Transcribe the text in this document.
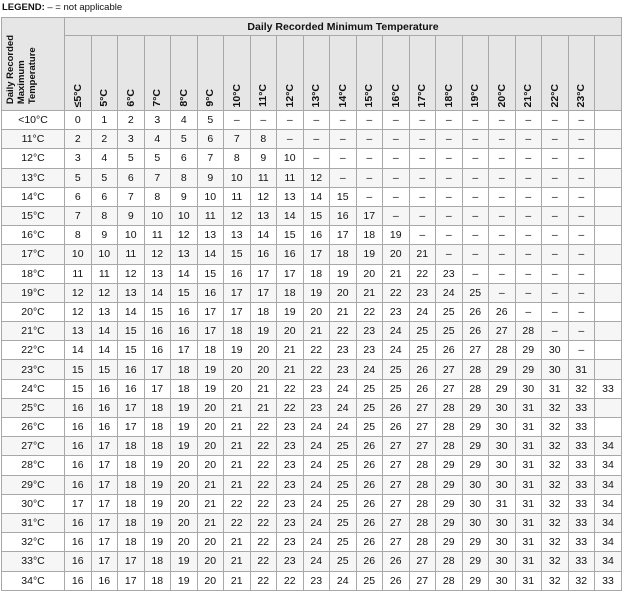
LEGEND: – = not applicable
Daily Recorded
Maximum
Temperature	Daily Recorded Minimum Temperature																				
	≤5°C	5°C	6°C	7°C	8°C	9°C	10°C	11°C	12°C	13°C	14°C	15°C	16°C	17°C	18°C	19°C	20°C	21°C	22°C	23°C	
<10°C	0	1	2	3	4	5	–	–	–	–	–	–	–	–	–	–	–	–	–	–	
11°C	2	2	3	4	5	6	7	8	–	–	–	–	–	–	–	–	–	–	–	–	
12°C	3	4	5	5	6	7	8	9	10	–	–	–	–	–	–	–	–	–	–	–	
13°C	5	5	6	7	8	9	10	11	11	12	–	–	–	–	–	–	–	–	–	–	
14°C	6	6	7	8	9	10	11	12	13	14	15	–	–	–	–	–	–	–	–	–	
15°C	7	8	9	10	10	11	12	13	14	15	16	17	–	–	–	–	–	–	–	–	
16°C	8	9	10	11	12	13	13	14	15	16	17	18	19	–	–	–	–	–	–	–	
17°C	10	10	11	12	13	14	15	16	16	17	18	19	20	21	–	–	–	–	–	–	
18°C	11	11	12	13	14	15	16	17	17	18	19	20	21	22	23	–	–	–	–	–	
19°C	12	12	13	14	15	16	17	17	18	19	20	21	22	23	24	25	–	–	–	–	
20°C	12	13	14	15	16	17	17	18	19	20	21	22	23	24	25	26	26	–	–	–	
21°C	13	14	15	16	16	17	18	19	20	21	22	23	24	25	25	26	27	28	–	–	
22°C	14	14	15	16	17	18	19	20	21	22	23	23	24	25	26	27	28	29	30	–	
23°C	15	15	16	17	18	19	20	20	21	22	23	24	25	26	27	28	29	29	30	31	
24°C	15	16	16	17	18	19	20	21	22	23	24	25	25	26	27	28	29	30	31	32	33
25°C	16	16	17	18	19	20	21	21	22	23	24	25	26	27	28	29	30	31	32	33	
26°C	16	16	17	18	19	20	21	22	23	24	24	25	26	27	28	29	30	31	32	33	
27°C	16	17	18	18	19	20	21	22	23	24	25	26	27	27	28	29	30	31	32	33	34
28°C	16	17	18	19	20	20	21	22	23	24	25	26	27	28	29	29	30	31	32	33	34
29°C	16	17	18	19	20	21	21	22	23	24	25	26	27	28	29	30	30	31	32	33	34
30°C	17	17	18	19	20	21	22	22	23	24	25	26	27	28	29	30	31	31	32	33	34
31°C	16	17	18	19	20	21	22	22	23	24	25	26	27	28	29	30	30	31	32	33	34
32°C	16	17	18	19	20	20	21	22	23	24	25	26	27	28	29	29	30	31	32	33	34
33°C	16	17	17	18	19	20	21	22	23	24	25	26	26	27	28	29	30	31	32	33	34
34°C	16	16	17	18	19	20	21	22	22	23	24	25	26	27	28	29	30	31	32	32	33
